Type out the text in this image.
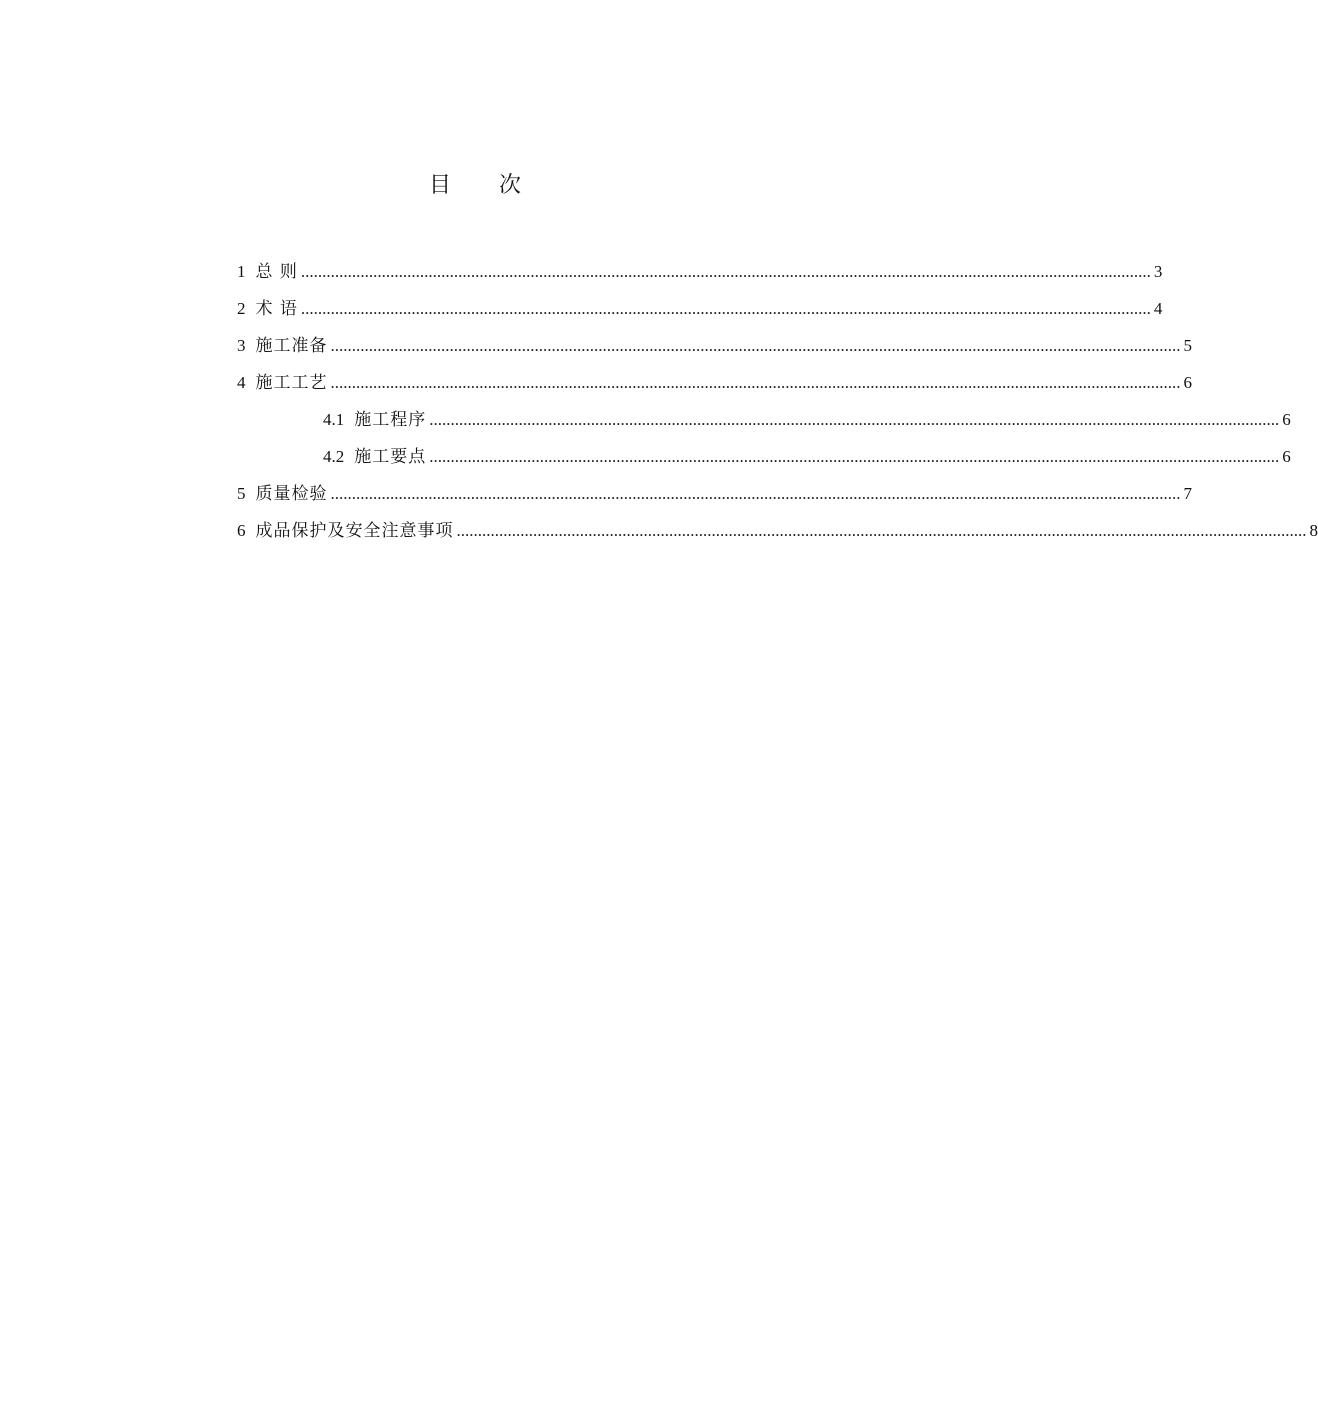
目 次
1 总 则 ........................................................................................................................................................................................................ 3
2 术 语 ........................................................................................................................................................................................................ 4
3 施工准备 ........................................................................................................................................................................................................ 5
4 施工工艺 ........................................................................................................................................................................................................ 6
4.1 施工程序 ........................................................................................................................................................................................................ 6
4.2 施工要点 ........................................................................................................................................................................................................ 6
5 质量检验 ........................................................................................................................................................................................................ 7
6 成品保护及安全注意事项 ........................................................................................................................................................................................................ 8
